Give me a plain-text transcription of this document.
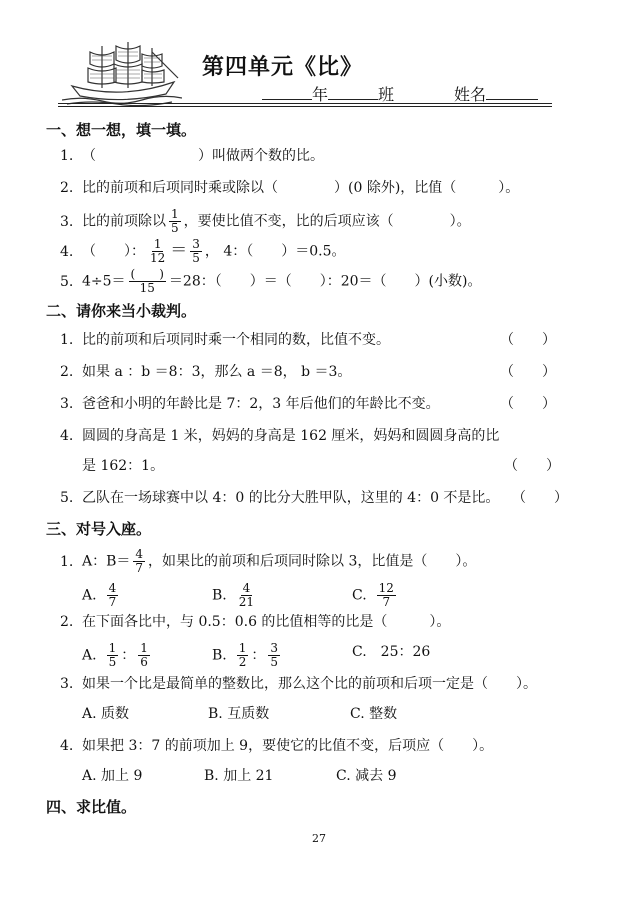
第四单元《比》
年	班	姓名
一、想一想，填一填。
1. （	）叫做两个数的比。
2. 比的前项和后项同时乘或除以（　　　　）(0 除外)，比值（　　　）。
3. 比的前项除以 $\frac{1}{5}$ ，要使比值不变，比的后项应该（　　　　）。
4. （　　）： $\frac{1}{12} = \frac{3}{5}$ ， 4：（　　）＝0.5。
5. $4\div 5= \frac{( )}{15} =28$：（　　）＝（　　）：20＝（　　）(小数)。
二、请你来当小裁判。
1. 比的前项和后项同时乘一个相同的数，比值不变。	（　　）
2. 如果 a ：b ＝8：3，那么 a ＝8， b ＝3。	（　　）
3. 爸爸和小明的年龄比是 7：2，3 年后他们的年龄比不变。	（　　）
4. 圆圆的身高是 1 米，妈妈的身高是 162 厘米，妈妈和圆圆身高的比
是 162：1。	（　　）
5. 乙队在一场球赛中以 4：0 的比分大胜甲队，这里的 4：0 不是比。 （　　）
三、对号入座。
1. A：$B= \frac{4}{7}$ ，如果比的前项和后项同时除以 3，比值是（　　）。
A. $\frac{4}{7}$	B. $\frac{4}{21}$	C. $\frac{12}{7}$
2. 在下面各比中，与 0.5：0.6 的比值相等的比是（　　　）。
A. $\frac{1}{5}$ ： $\frac{1}{6}$	B. $\frac{1}{2}$ ： $\frac{3}{5}$	C.　25：26
3. 如果一个比是最简单的整数比，那么这个比的前项和后项一定是（　　）。
A. 质数	B. 互质数	C. 整数
4. 如果把 3：7 的前项加上 9，要使它的比值不变，后项应（　　）。
A. 加上 9	B. 加上 21	C. 减去 9
四、求比值。
27
